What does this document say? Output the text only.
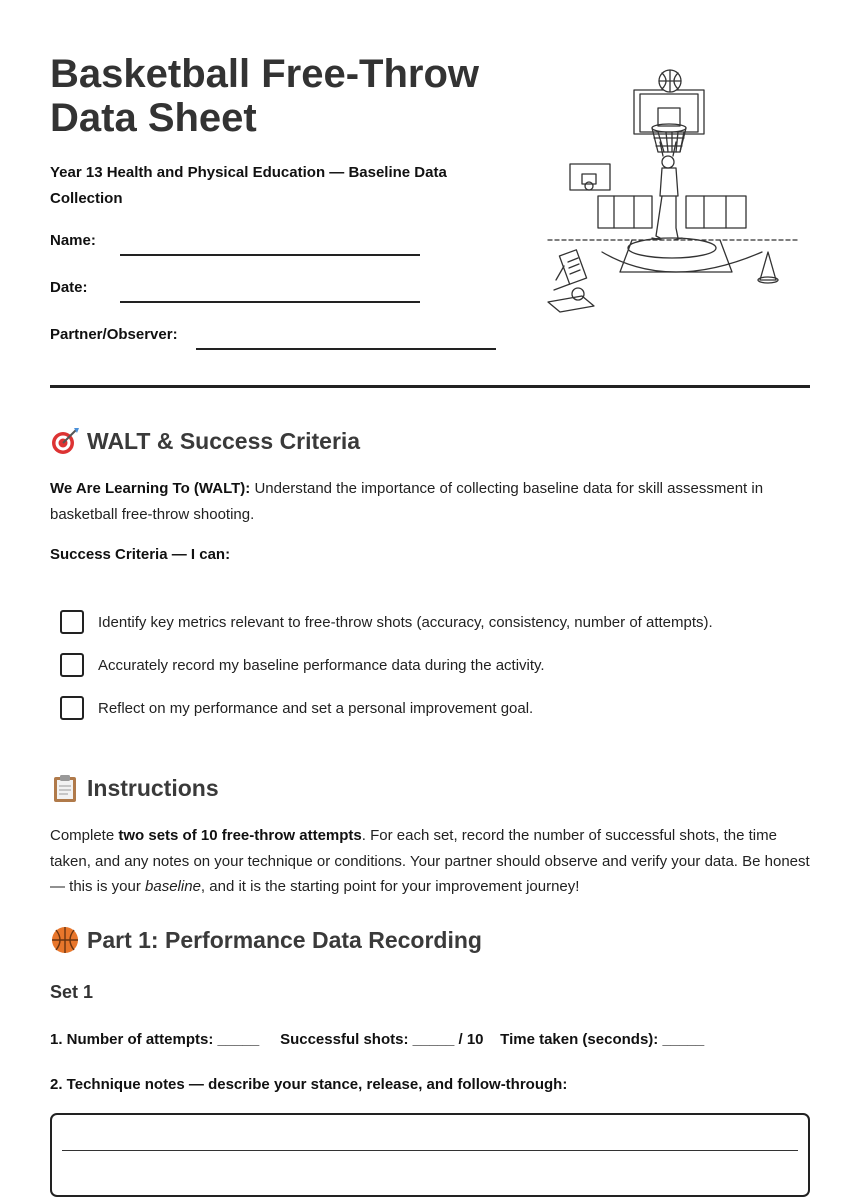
Basketball Free-Throw
Data Sheet
Year 13 Health and Physical Education — Baseline Data Collection
Name:
Date:
Partner/Observer:
WALT & Success Criteria
We Are Learning To (WALT): Understand the importance of collecting baseline data for skill assessment in basketball free-throw shooting.
Success Criteria — I can:
Identify key metrics relevant to free-throw shots (accuracy, consistency, number of attempts).
Accurately record my baseline performance data during the activity.
Reflect on my performance and set a personal improvement goal.
Instructions
Complete two sets of 10 free-throw attempts. For each set, record the number of successful shots, the time taken, and any notes on your technique or conditions. Your partner should observe and verify your data. Be honest — this is your baseline, and it is the starting point for your improvement journey!
Part 1: Performance Data Recording
Set 1
1. Number of attempts: _____     Successful shots: _____ / 10    Time taken (seconds): _____
2. Technique notes — describe your stance, release, and follow-through:
